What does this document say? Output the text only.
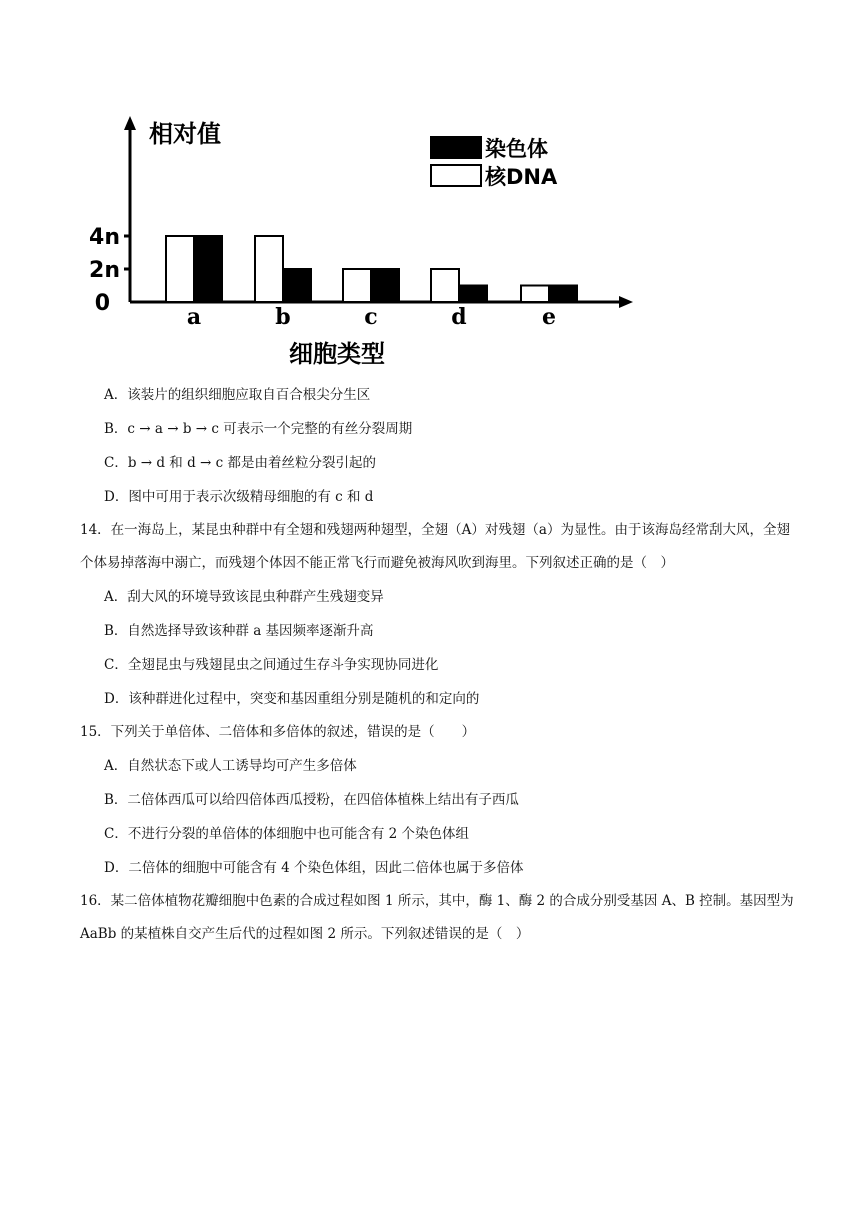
相对值
细胞类型
0
2n
4n
a	b	c	d	e
染色体
核DNA
A．该装片的组织细胞应取自百合根尖分生区
B．c → a → b → c 可表示一个完整的有丝分裂周期
C．b → d 和 d → c 都是由着丝粒分裂引起的
D．图中可用于表示次级精母细胞的有 c 和 d
14．在一海岛上，某昆虫种群中有全翅和残翅两种翅型，全翅（A）对残翅（a）为显性。由于该海岛经常刮大风，全翅个体易掉落海中溺亡，而残翅个体因不能正常飞行而避免被海风吹到海里。下列叙述正确的是（　）
A．刮大风的环境导致该昆虫种群产生残翅变异
B．自然选择导致该种群 a 基因频率逐渐升高
C．全翅昆虫与残翅昆虫之间通过生存斗争实现协同进化
D．该种群进化过程中，突变和基因重组分别是随机的和定向的
15．下列关于单倍体、二倍体和多倍体的叙述，错误的是（　　）
A．自然状态下或人工诱导均可产生多倍体
B．二倍体西瓜可以给四倍体西瓜授粉，在四倍体植株上结出有子西瓜
C．不进行分裂的单倍体的体细胞中也可能含有 2 个染色体组
D．二倍体的细胞中可能含有 4 个染色体组，因此二倍体也属于多倍体
16．某二倍体植物花瓣细胞中色素的合成过程如图 1 所示，其中，酶 1、酶 2 的合成分别受基因 A、B 控制。基因型为 AaBb 的某植株自交产生后代的过程如图 2 所示。下列叙述错误的是（　）
